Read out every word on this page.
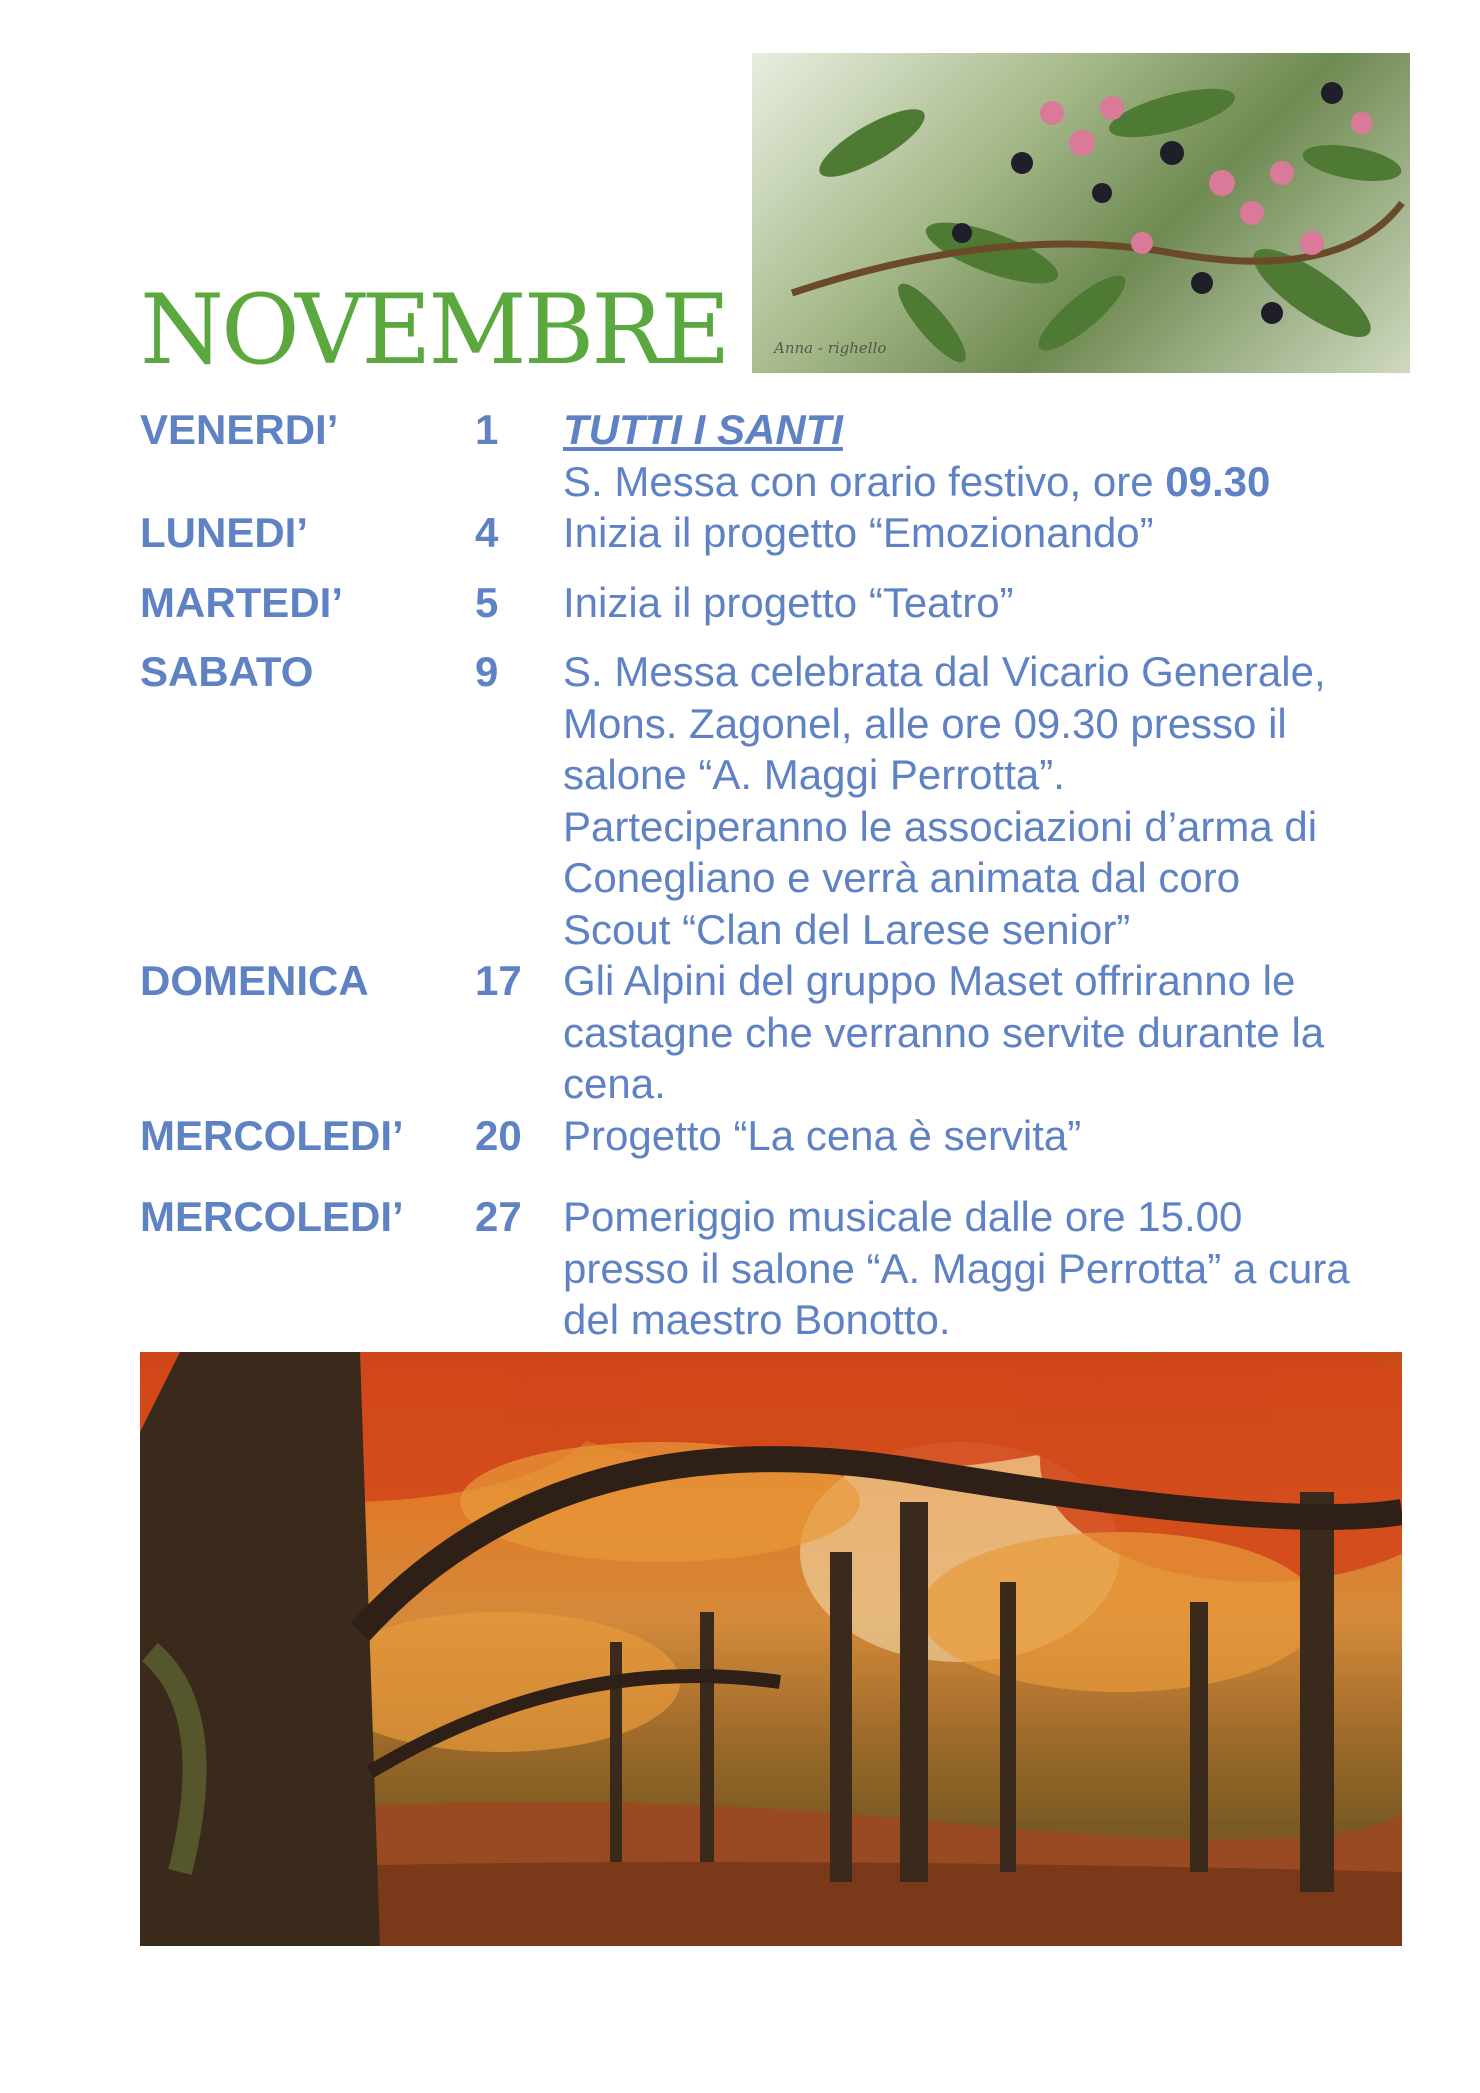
Anna - righello
NOVEMBRE
VENERDI’	1	TUTTI I SANTI
S. Messa con orario festivo, ore 09.30
LUNEDI’	4	Inizia il progetto “Emozionando”
MARTEDI’	5	Inizia il progetto “Teatro”
SABATO	9	S. Messa celebrata dal Vicario Generale,
Mons. Zagonel, alle ore 09.30 presso il
salone “A. Maggi Perrotta”.
Parteciperanno le associazioni d’arma di
Conegliano e verrà animata dal coro
Scout “Clan del Larese senior”
DOMENICA	17 Gli Alpini del gruppo Maset offriranno le
castagne che verranno servite durante la
cena.
MERCOLEDI’	20 Progetto “La cena è servita”
MERCOLEDI’	27 Pomeriggio musicale dalle ore 15.00
presso il salone “A. Maggi Perrotta” a cura
del maestro Bonotto.
